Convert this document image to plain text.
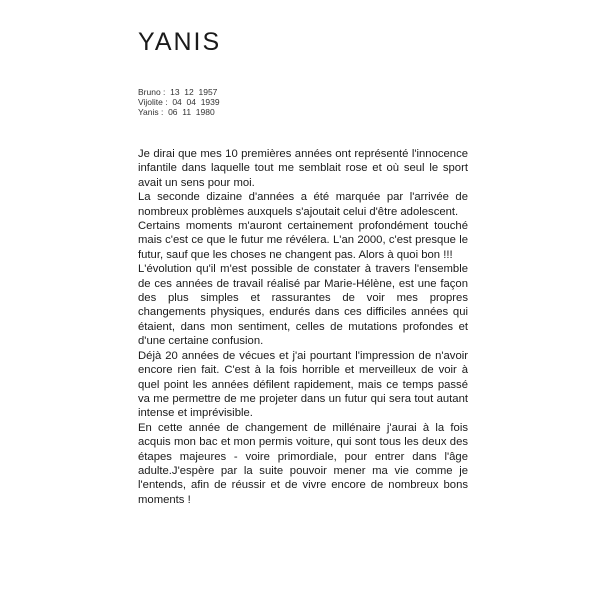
YANIS
Bruno :  13  12  1957
Vijolite :  04  04  1939
Yanis :  06  11  1980

Je dirai que mes 10 premières années ont représenté l'innocence infantile dans laquelle tout me semblait rose et où seul le sport avait un sens pour moi.

La seconde dizaine d'années a été marquée par l'arrivée de nombreux problèmes auxquels s'ajoutait celui d'être adolescent.

Certains moments m'auront certainement profondément touché mais c'est ce que le futur me révélera. L'an 2000, c'est presque le futur, sauf que les choses ne changent pas. Alors à quoi bon !!!

L'évolution qu'il m'est possible de constater à travers l'ensemble de ces années de travail réalisé par Marie-Hélène, est une façon des plus simples et rassurantes de voir mes propres changements physiques, endurés dans ces difficiles années qui étaient, dans mon sentiment, celles de mutations profondes et d'une certaine confusion.

Déjà 20 années de vécues et j'ai pourtant l'impression de n'avoir encore rien fait. C'est à la fois horrible et merveilleux de voir à quel point les années défilent rapidement, mais ce temps passé va me permettre de me projeter dans un futur qui sera tout autant intense et imprévisible.

En cette année de changement de millénaire j'aurai à la fois acquis mon bac et mon permis voiture, qui sont tous les deux des étapes majeures - voire primordiale, pour entrer dans l'âge adulte.J'espère par la suite pouvoir mener ma vie comme je l'entends, afin de réussir et de vivre encore de nombreux bons moments !
